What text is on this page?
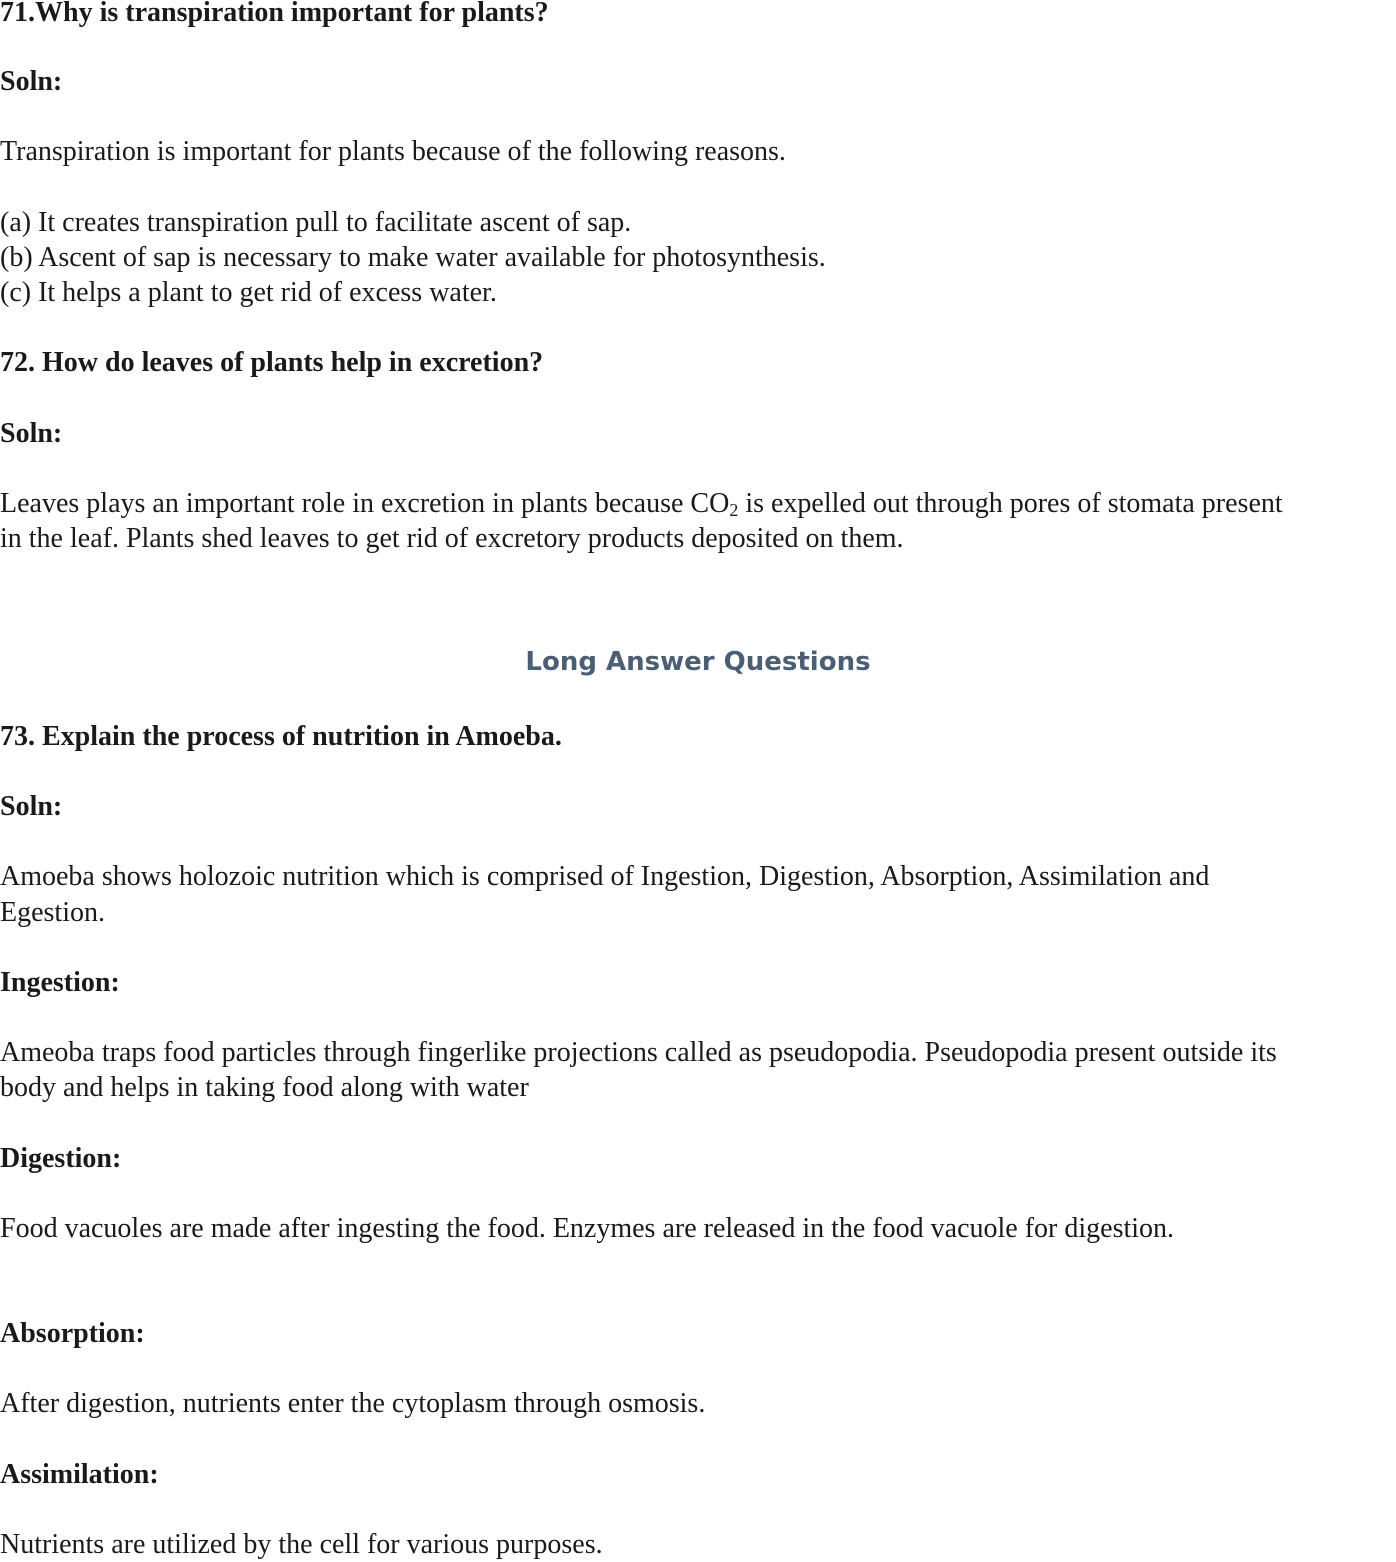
71.Why is transpiration important for plants?
Soln:
Transpiration is important for plants because of the following reasons.
(a) It creates transpiration pull to facilitate ascent of sap.
(b) Ascent of sap is necessary to make water available for photosynthesis.
(c) It helps a plant to get rid of excess water.
72. How do leaves of plants help in excretion?
Soln:
Leaves plays an important role in excretion in plants because $CO_2$ is expelled out through pores of stomata present
in the leaf. Plants shed leaves to get rid of excretory products deposited on them.
Long Answer Questions
73. Explain the process of nutrition in Amoeba.
Soln:
Amoeba shows holozoic nutrition which is comprised of Ingestion, Digestion, Absorption, Assimilation and
Egestion.
Ingestion:
Ameoba traps food particles through fingerlike projections called as pseudopodia. Pseudopodia present outside its
body and helps in taking food along with water
Digestion:
Food vacuoles are made after ingesting the food. Enzymes are released in the food vacuole for digestion.
Absorption:
After digestion, nutrients enter the cytoplasm through osmosis.
Assimilation:
Nutrients are utilized by the cell for various purposes.
